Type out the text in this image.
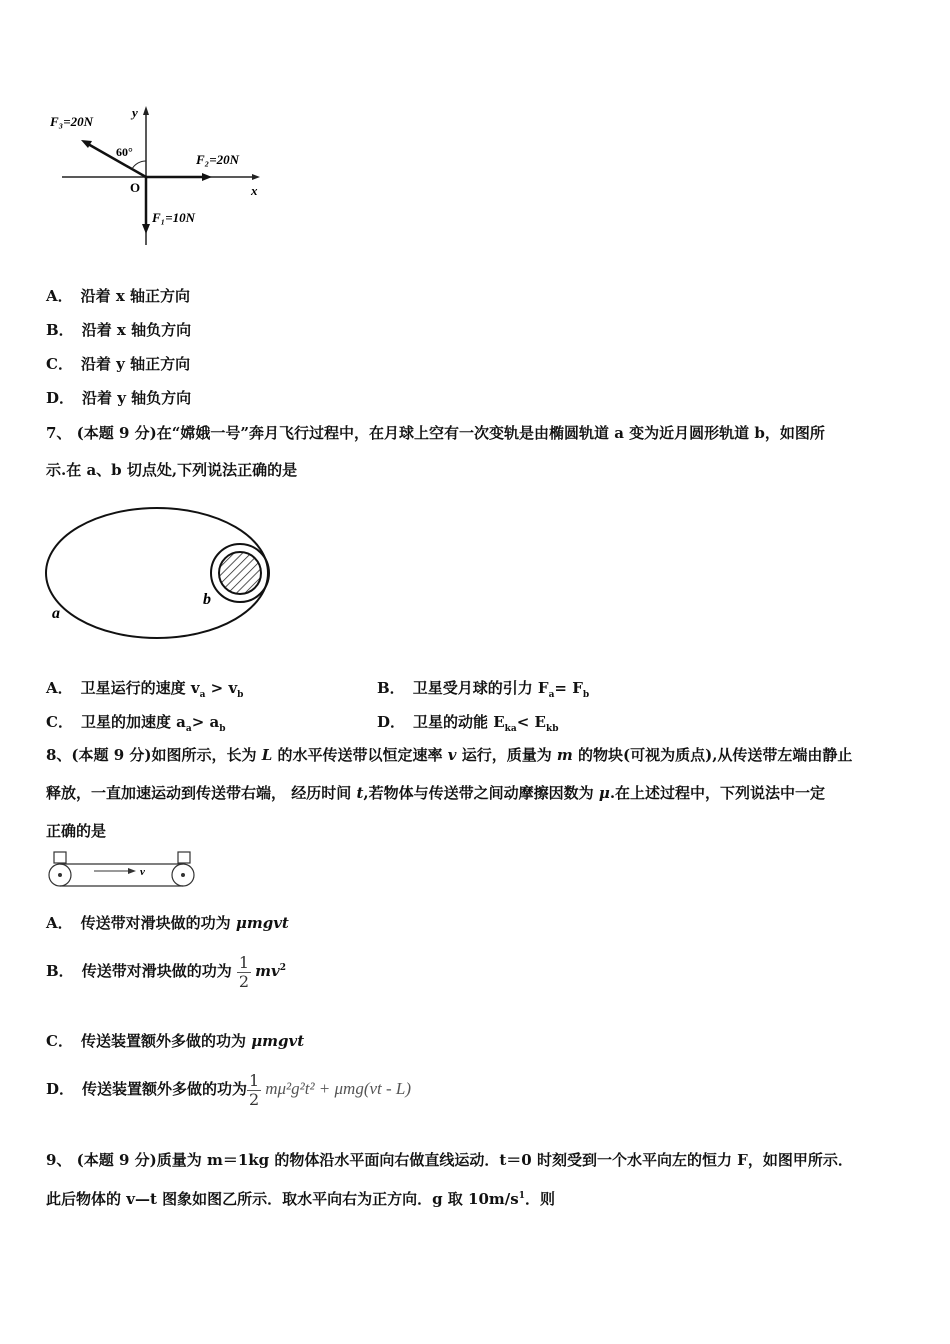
F₃=20N
60°	F₂=20N
F₁=10N
O	x
y
A． 沿着 x 轴正方向
B． 沿着 x 轴负方向
C． 沿着 y 轴正方向
D． 沿着 y 轴负方向
7、 (本题 9 分)在“嫦娥一号”奔月飞行过程中，在月球上空有一次变轨是由椭圆轨道 a 变为近月圆形轨道 b，如图所
示.在 a、b 切点处,下列说法正确的是
a
b
A． 卫星运行的速度 $v_a > v_b$	B． 卫星受月球的引力 $F_a= F_b$
C． 卫星的加速度 $a_a> a_b$	D． 卫星的动能 $E_{ka}< E_{kb}$
8、(本题 9 分)如图所示，长为 L 的水平传送带以恒定速率 v 运行，质量为 m 的物块(可视为质点),从传送带左端由静止
释放，一直加速运动到传送带右端， 经历时间 t,若物体与传送带之间动摩擦因数为 μ.在上述过程中，下列说法中一定
正确的是
v
A． 传送带对滑块做的功为 μmgvt
B． 传送带对滑块做的功为 $\frac{1}{2} mv^2$
C． 传送装置额外多做的功为 μmgvt
D． 传送装置额外多做的功为 $\frac{1}{2} m\mu^2g^2t^2 + \mu mg(vt - L)$
9、 (本题 9 分)质量为 m＝1kg 的物体沿水平面向右做直线运动．t＝0 时刻受到一个水平向左的恒力 F，如图甲所示．
此后物体的 v—t 图象如图乙所示．取水平向右为正方向．g 取 $10m/s^1$．则
